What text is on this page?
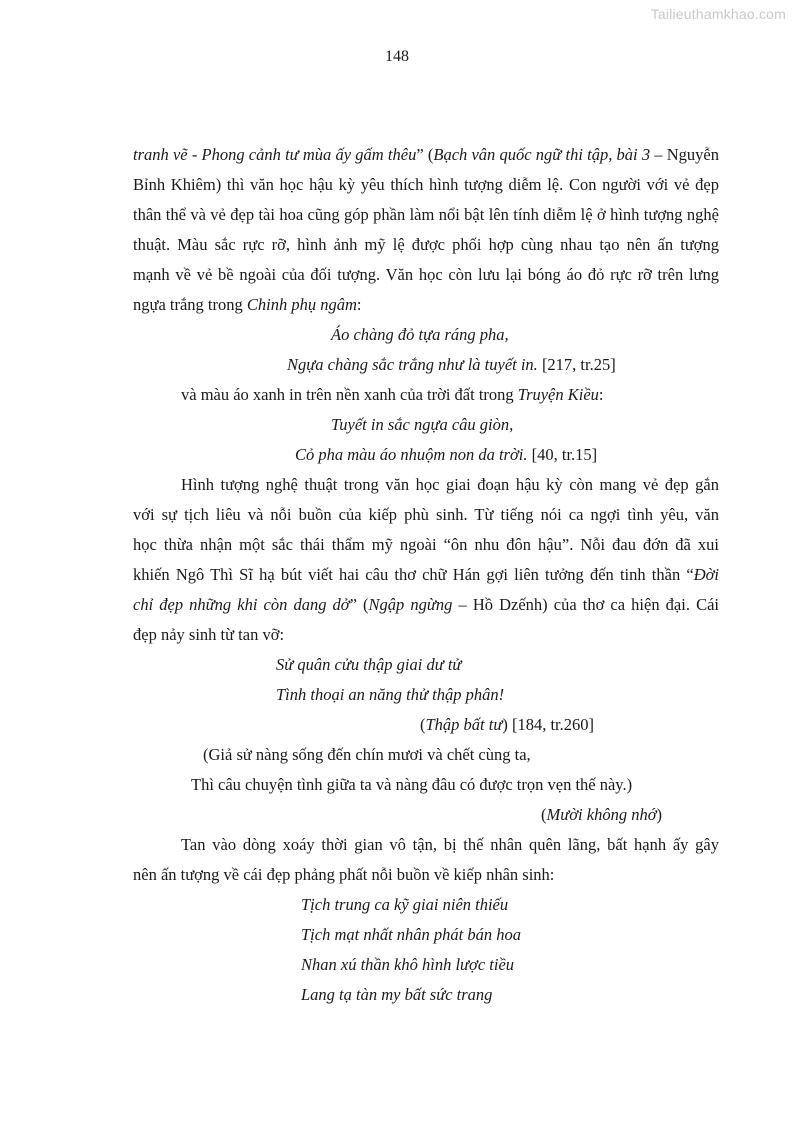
Tailieuthamkhao.com
148
tranh vẽ - Phong cảnh tư mùa ấy gấm thêu” (Bạch vân quốc ngữ thi tập, bài 3 – Nguyễn
Bỉnh Khiêm) thì văn học hậu kỳ yêu thích hình tượng diễm lệ. Con người với vẻ đẹp
thân thể và vẻ đẹp tài hoa cũng góp phần làm nổi bật lên tính diễm lệ ở hình tượng nghệ
thuật. Màu sắc rực rỡ, hình ảnh mỹ lệ được phối hợp cùng nhau tạo nên ấn tượng
mạnh về vẻ bề ngoài của đối tượng. Văn học còn lưu lại bóng áo đỏ rực rỡ trên lưng
ngựa trắng trong Chinh phụ ngâm:
Áo chàng đỏ tựa ráng pha,
Ngựa chàng sắc trắng như là tuyết in. [217, tr.25]
và màu áo xanh in trên nền xanh của trời đất trong Truyện Kiều:
Tuyết in sắc ngựa câu giòn,
Cỏ pha màu áo nhuộm non da trời. [40, tr.15]
Hình tượng nghệ thuật trong văn học giai đoạn hậu kỳ còn mang vẻ đẹp gắn
với sự tịch liêu và nỗi buồn của kiếp phù sinh. Từ tiếng nói ca ngợi tình yêu, văn
học thừa nhận một sắc thái thẩm mỹ ngoài “ôn nhu đôn hậu”. Nỗi đau đớn đã xui
khiến Ngô Thì Sĩ hạ bút viết hai câu thơ chữ Hán gợi liên tưởng đến tinh thần “Đời
chỉ đẹp những khi còn dang dở” (Ngập ngừng – Hồ Dzếnh) của thơ ca hiện đại. Cái
đẹp nảy sinh từ tan vỡ:
Sử quân cửu thập giai dư tử
Tình thoại an năng thử thập phân!
(Thập bất tư) [184, tr.260]
(Giả sử nàng sống đến chín mươi và chết cùng ta,
Thì câu chuyện tình giữa ta và nàng đâu có được trọn vẹn thế này.)
(Mười không nhớ)
Tan vào dòng xoáy thời gian vô tận, bị thế nhân quên lãng, bất hạnh ấy gây
nên ấn tượng về cái đẹp phảng phất nỗi buồn về kiếp nhân sinh:
Tịch trung ca kỹ giai niên thiếu
Tịch mạt nhất nhân phát bán hoa
Nhan xú thần khô hình lược tiều
Lang tạ tàn my bất sức trang
